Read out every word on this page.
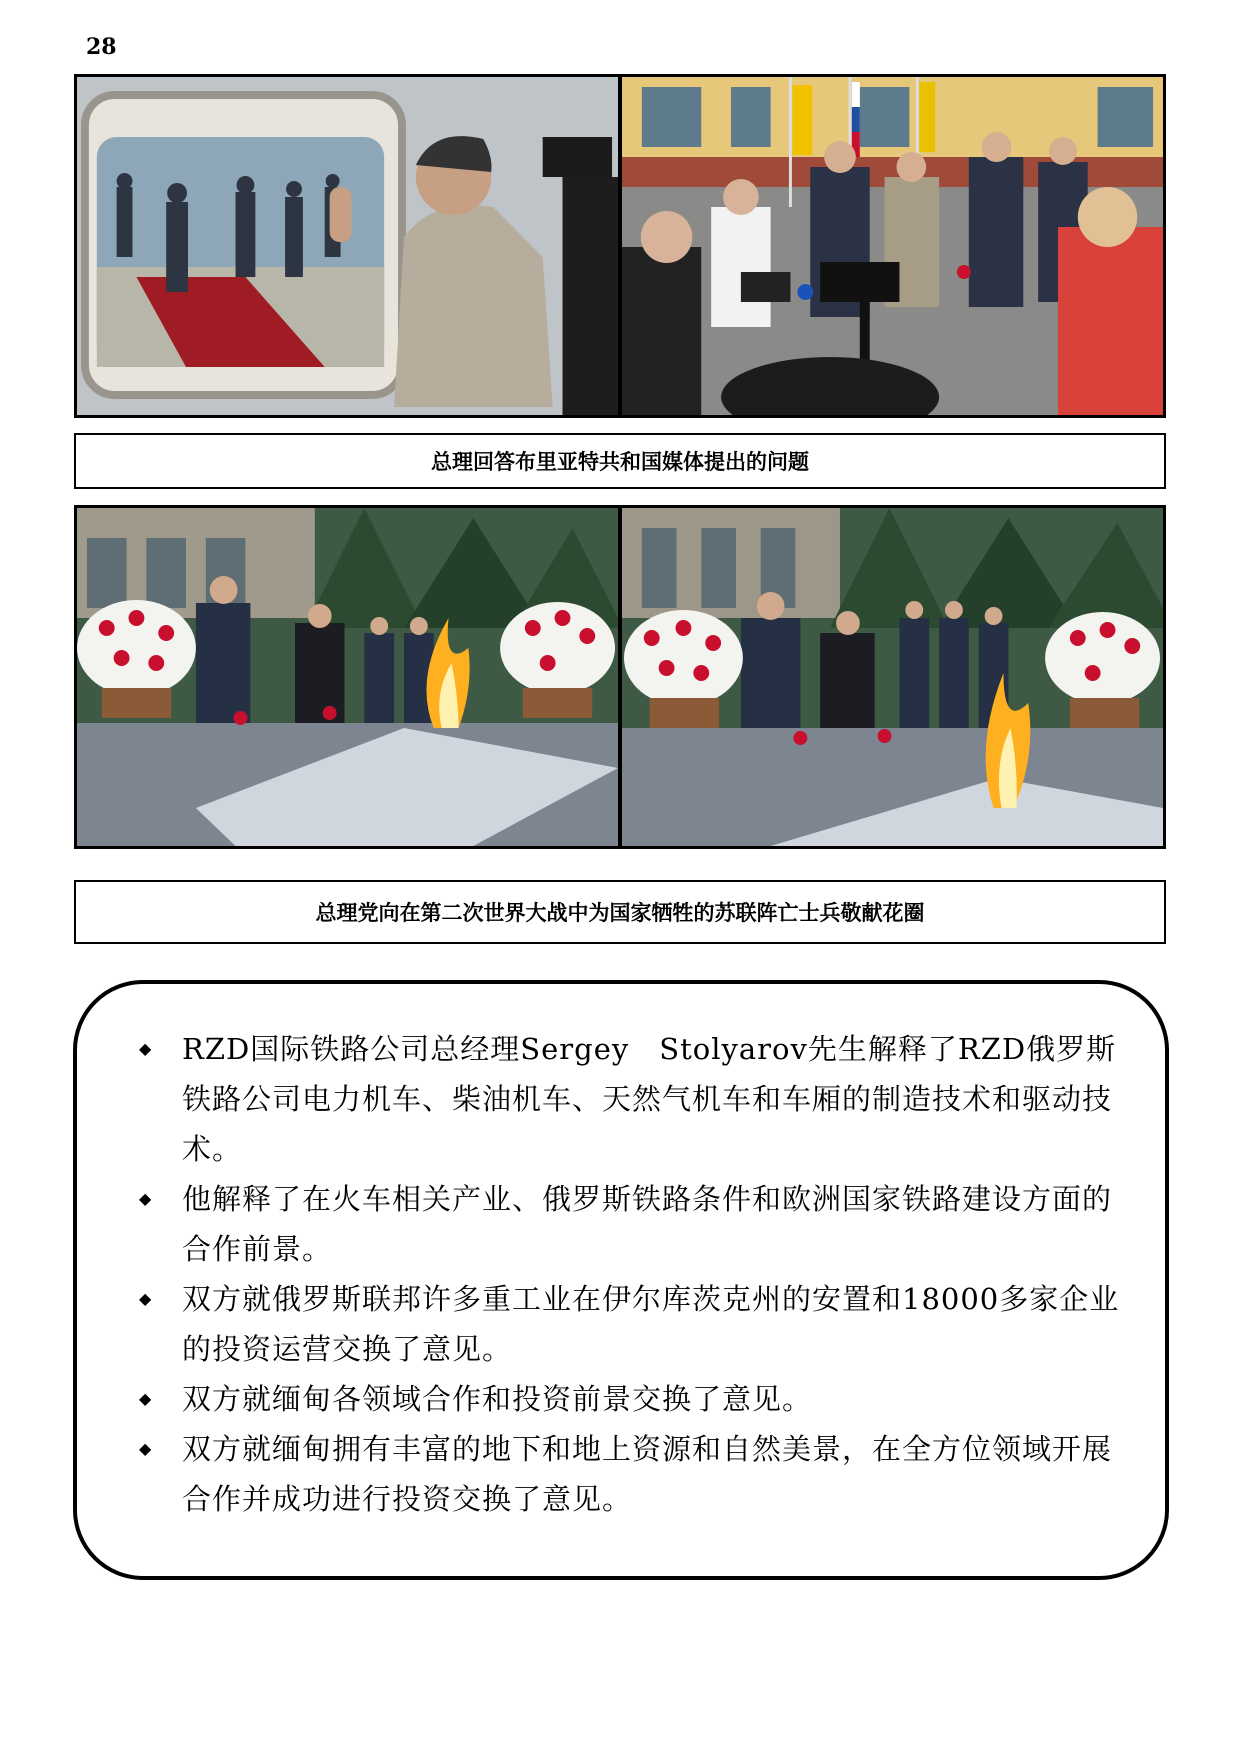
28
总理回答布里亚特共和国媒体提出的问题
总理党向在第二次世界大战中为国家牺牲的苏联阵亡士兵敬献花圈
◆ RZD国际铁路公司总经理Sergey　Stolyarov先生解释了RZD俄罗斯铁路公司电力机车、柴油机车、天然气机车和车厢的制造技术和驱动技术。
◆ 他解释了在火车相关产业、俄罗斯铁路条件和欧洲国家铁路建设方面的合作前景。
◆ 双方就俄罗斯联邦许多重工业在伊尔库茨克州的安置和18000多家企业的投资运营交换了意见。
◆ 双方就缅甸各领域合作和投资前景交换了意见。
◆ 双方就缅甸拥有丰富的地下和地上资源和自然美景，在全方位领域开展合作并成功进行投资交换了意见。
